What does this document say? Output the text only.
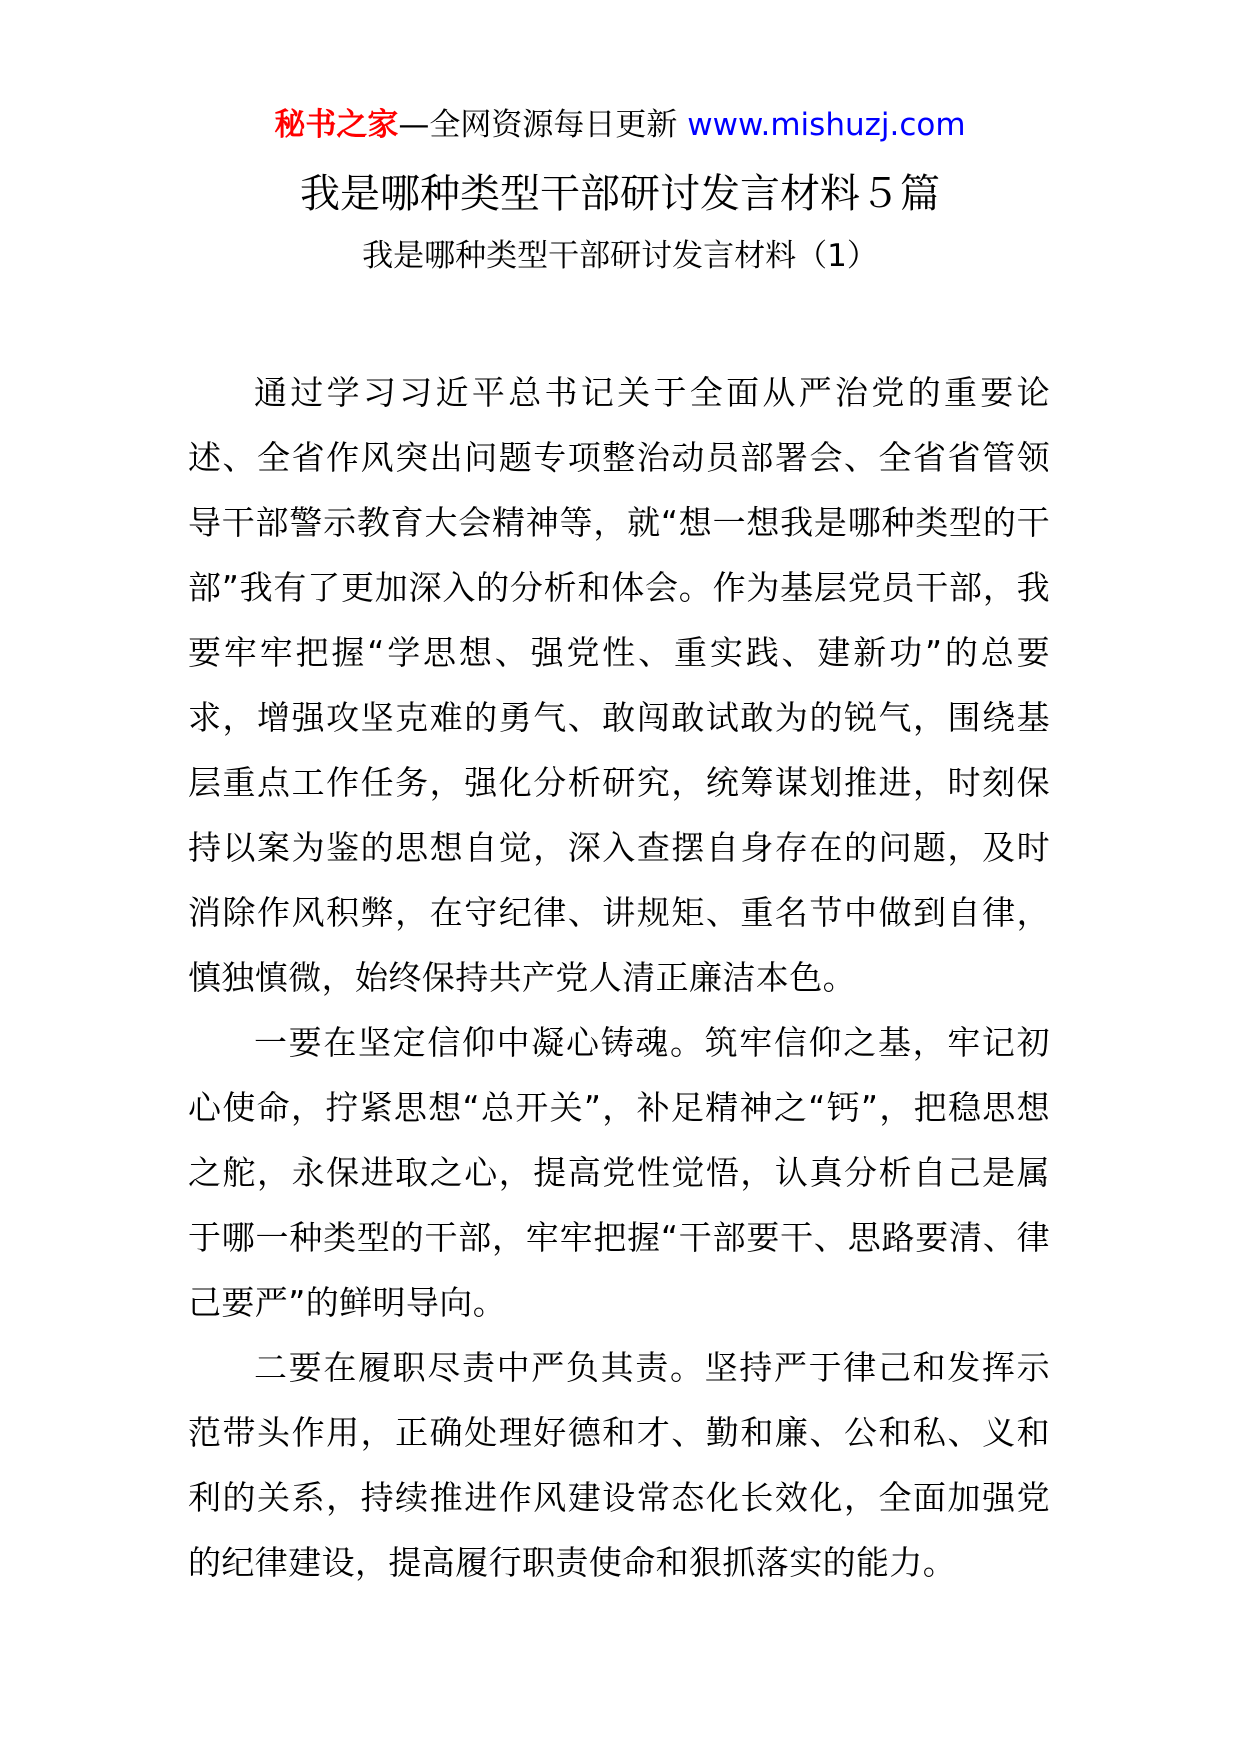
秘书之家—全网资源每日更新 www.mishuzj.com
我是哪种类型干部研讨发言材料５篇
我是哪种类型干部研讨发言材料（1）

通过学习习近平总书记关于全面从严治党的重要论述、全省作风突出问题专项整治动员部署会、全省省管领导干部警示教育大会精神等，就“想一想我是哪种类型的干部”我有了更加深入的分析和体会。作为基层党员干部，我要牢牢把握“学思想、强党性、重实践、建新功”的总要求，增强攻坚克难的勇气、敢闯敢试敢为的锐气，围绕基层重点工作任务，强化分析研究，统筹谋划推进，时刻保持以案为鉴的思想自觉，深入查摆自身存在的问题，及时消除作风积弊，在守纪律、讲规矩、重名节中做到自律，慎独慎微，始终保持共产党人清正廉洁本色。

一要在坚定信仰中凝心铸魂。筑牢信仰之基，牢记初心使命，拧紧思想“总开关”，补足精神之“钙”，把稳思想之舵，永保进取之心，提高党性觉悟，认真分析自己是属于哪一种类型的干部，牢牢把握“干部要干、思路要清、律己要严”的鲜明导向。

二要在履职尽责中严负其责。坚持严于律己和发挥示范带头作用，正确处理好德和才、勤和廉、公和私、义和利的关系，持续推进作风建设常态化长效化，全面加强党的纪律建设，提高履行职责使命和狠抓落实的能力。
